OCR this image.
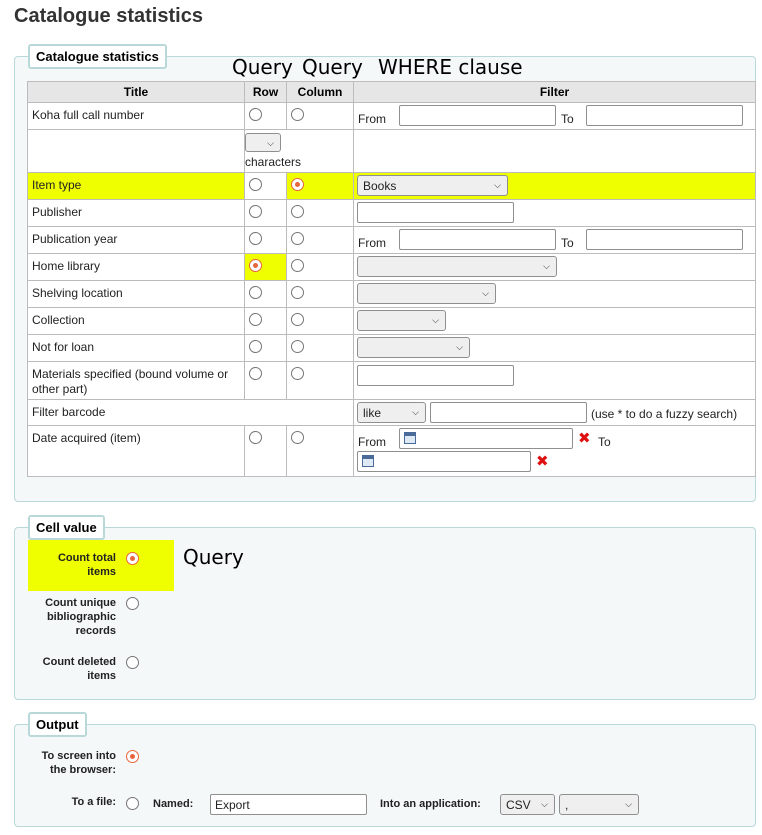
Catalogue statistics
Catalogue statistics	Query Query WHERE clause
Title	Row	Column	Filter
Koha full call number			From To

	⌵
characters		

Item type			Books ⌵

Publisher	

Publication year			From To

Home library			⌵

Shelving location			⌵

Collection			⌵

Not for loan			⌵

Materials specified (bound volume or other part)	

Filter barcode			like ⌵ (use * to do a fuzzy search)

Date acquired (item)			From ✖ To
✖
Cell value
Count total items
Query
Count unique bibliographic records
Count deleted items
Output
To screen into the browser:
To a file:	Named:	Export	Into an application:	CSV ⌵	,	⌵
